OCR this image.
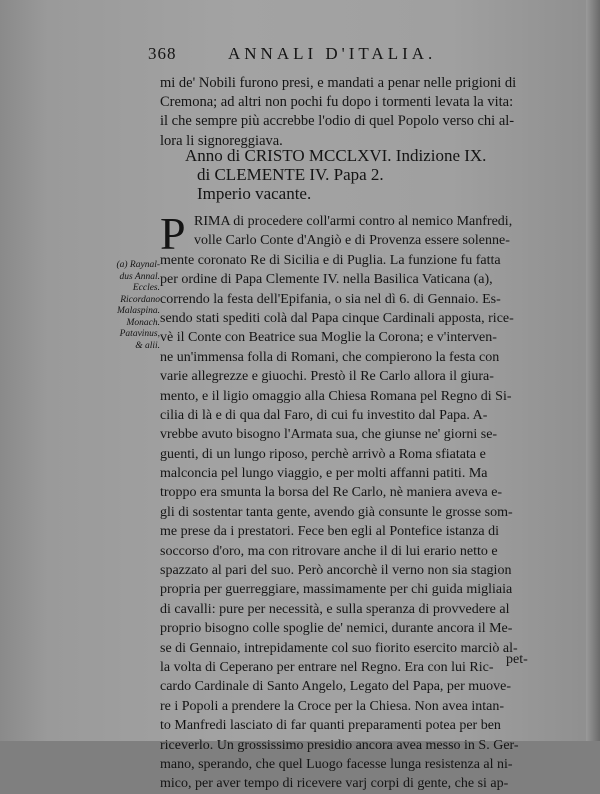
368	ANNALI D'ITALIA.
mi de' Nobili furono presi, e mandati a penar nelle prigioni di
Cremona; ad altri non pochi fu dopo i tormenti levata la vita:
il che sempre più accrebbe l'odio di quel Popolo verso chi al-
lora li signoreggiava.
Anno di CRISTO MCCLXVI. Indizione IX.
di CLEMENTE IV. Papa 2.
Imperio vacante.
P RIMA di procedere coll'armi contro al nemico Manfredi,
volle Carlo Conte d'Angiò e di Provenza essere solenne-
mente coronato Re di Sicilia e di Puglia. La funzione fu fatta
per ordine di Papa Clemente IV. nella Basilica Vaticana (a),
correndo la festa dell'Epifania, o sia nel dì 6. di Gennaio. Es-
sendo stati spediti colà dal Papa cinque Cardinali apposta, rice-
vè il Conte con Beatrice sua Moglie la Corona; e v'interven-
ne un'immensa folla di Romani, che compierono la festa con
varie allegrezze e giuochi. Prestò il Re Carlo allora il giura-
mento, e il ligio omaggio alla Chiesa Romana pel Regno di Si-
cilia di là e di qua dal Faro, di cui fu investito dal Papa. A-
vrebbe avuto bisogno l'Armata sua, che giunse ne' giorni se-
guenti, di un lungo riposo, perchè arrivò a Roma sfiatata e
malconcia pel lungo viaggio, e per molti affanni patiti. Ma
troppo era smunta la borsa del Re Carlo, nè maniera aveva e-
gli di sostentar tanta gente, avendo già consunte le grosse som-
me prese da i prestatori. Fece ben egli al Pontefice istanza di
soccorso d'oro, ma con ritrovare anche il di lui erario netto e
spazzato al pari del suo. Però ancorchè il verno non sia stagion
propria per guerreggiare, massimamente per chi guida migliaia
di cavalli: pure per necessità, e sulla speranza di provvedere al
proprio bisogno colle spoglie de' nemici, durante ancora il Me-
se di Gennaio, intrepidamente col suo fiorito esercito marciò al-
la volta di Ceperano per entrare nel Regno. Era con lui Ric-
cardo Cardinale di Santo Angelo, Legato del Papa, per muove-
re i Popoli a prendere la Croce per la Chiesa. Non avea intan-
to Manfredi lasciato di far quanti preparamenti potea per ben
riceverlo. Un grossissimo presidio ancora avea messo in S. Ger-
mano, sperando, che quel Luogo facesse lunga resistenza al ni-
mico, per aver tempo di ricevere varj corpi di gente, che si ap-
pet-
(a) Raynal-
dus Annal.
Eccles.
Ricordano
Malaspina.
Monach.
Patavinus,
& alii.
